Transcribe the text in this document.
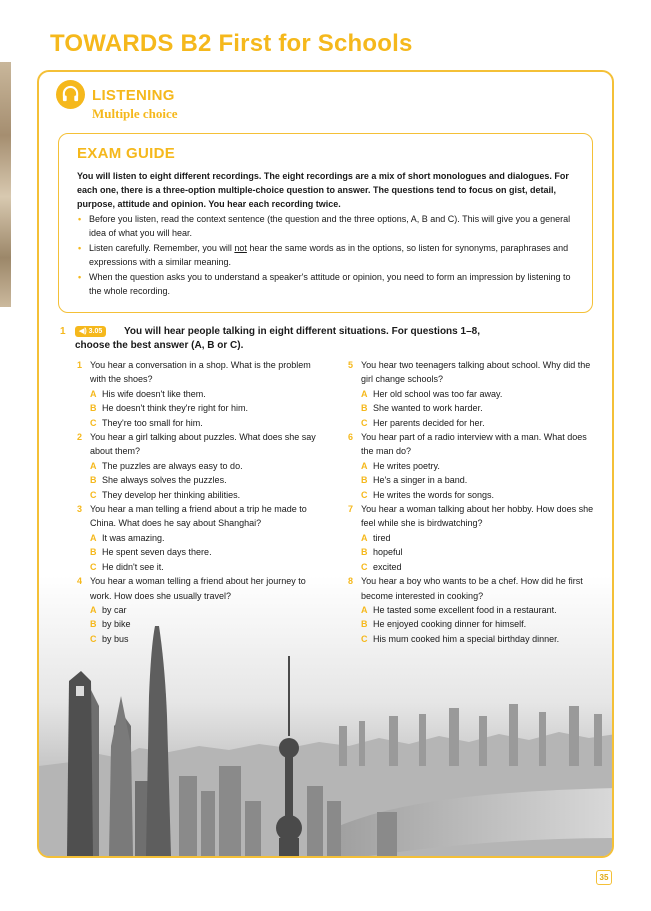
TOWARDS B2 First for Schools
LISTENING
Multiple choice
EXAM GUIDE

You will listen to eight different recordings. The eight recordings are a mix of short monologues and dialogues. For each one, there is a three-option multiple-choice question to answer. The questions tend to focus on gist, detail, purpose, attitude and opinion. You hear each recording twice.

• Before you listen, read the context sentence (the question and the three options, A, B and C). This will give you a general idea of what you will hear.
• Listen carefully. Remember, you will not hear the same words as in the options, so listen for synonyms, paraphrases and expressions with a similar meaning.
• When the question asks you to understand a speaker's attitude or opinion, you need to form an impression by listening to the whole recording.
1	◀) 3.05	You will hear people talking in eight different situations. For questions 1–8,
choose the best answer (A, B or C).
1 You hear a conversation in a shop. What is the problem with the shoes?
A His wife doesn't like them.
B He doesn't think they're right for him.
C They're too small for him.
2 You hear a girl talking about puzzles. What does she say about them?
A The puzzles are always easy to do.
B She always solves the puzzles.
C They develop her thinking abilities.
3 You hear a man telling a friend about a trip he made to China. What does he say about Shanghai?
A It was amazing.
B He spent seven days there.
C He didn't see it.
4 You hear a woman telling a friend about her journey to work. How does she usually travel?
A by car
B by bike
C by bus
5 You hear two teenagers talking about school. Why did the girl change schools?
A Her old school was too far away.
B She wanted to work harder.
C Her parents decided for her.
6 You hear part of a radio interview with a man. What does the man do?
A He writes poetry.
B He's a singer in a band.
C He writes the words for songs.
7 You hear a woman talking about her hobby. How does she feel while she is birdwatching?
A tired
B hopeful
C excited
8 You hear a boy who wants to be a chef. How did he first become interested in cooking?
A He tasted some excellent food in a restaurant.
B He enjoyed cooking dinner for himself.
C His mum cooked him a special birthday dinner.
35
